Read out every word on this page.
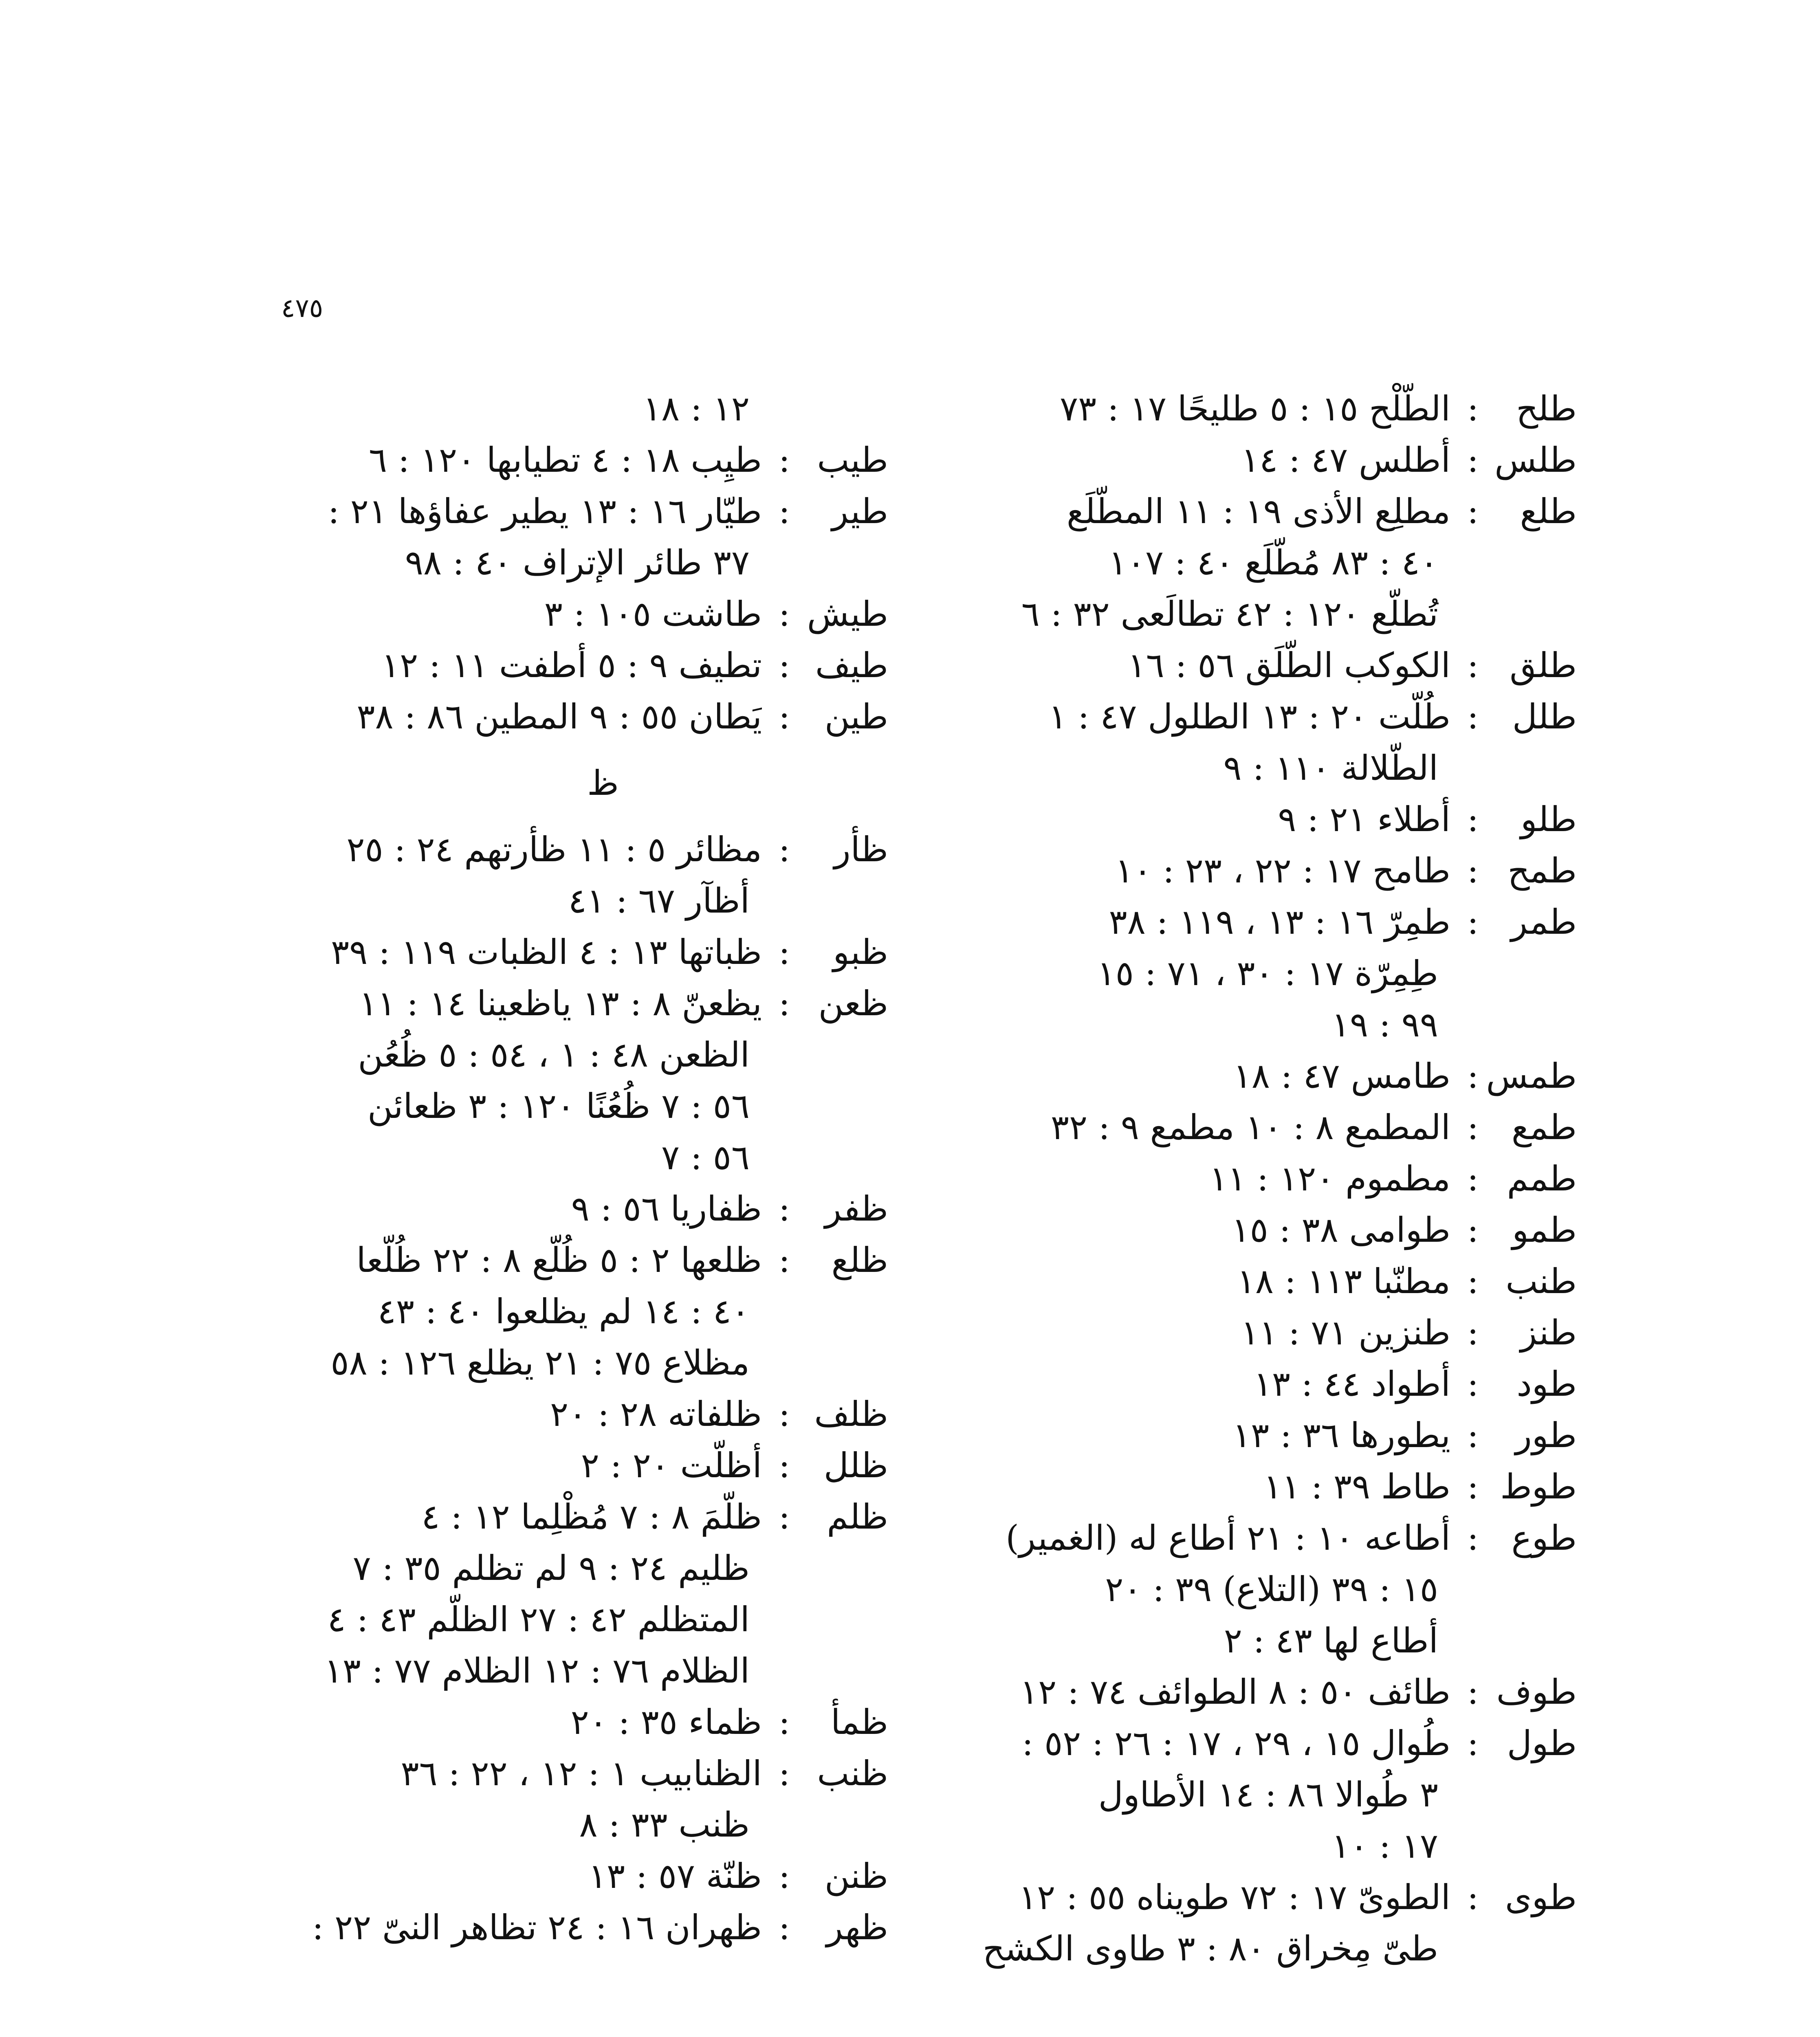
٤٧٥
طلح
:
الطَّلْح ١٥ : ٥ طليحًا ١٧ : ٧٣
طلس
:
أطلس ٤٧ : ١٤
طلع
:
مطلِع الأذى ١٩ : ١١ المطّلَع
٤٠ : ٨٣ مُطّلَع ٤٠ : ١٠٧
تُطلّع ١٢٠ : ٤٢ تطالَعى ٣٢ : ٦
طلق
:
الكوكب الطّلَق ٥٦ : ١٦
طلل
:
طُلّت ٢٠ : ١٣ الطلول ٤٧ : ١
الطُّلالة ١١٠ : ٩
طلو
:
أطلاء ٢١ : ٩
طمح
:
طامح ١٧ : ٢٢ ، ٢٣ : ١٠
طمر
:
طمِرّ ١٦ : ١٣ ، ١١٩ : ٣٨
طِمِرّة ١٧ : ٣٠ ، ٧١ : ١٥
٩٩ : ١٩
طمس
:
طامس ٤٧ : ١٨
طمع
:
المطمع ٨ : ١٠ مطمع ٩ : ٣٢
طمم
:
مطموم ١٢٠ : ١١
طمو
:
طوامى ٣٨ : ١٥
طنب
:
مطنّبا ١١٣ : ١٨
طنز
:
طنزين ٧١ : ١١
طود
:
أطواد ٤٤ : ١٣
طور
:
يطورها ٣٦ : ١٣
طوط
:
طاط ٣٩ : ١١
طوع
:
أطاعه ١٠ : ٢١ أطاع له (الغمير)
١٥ : ٣٩ (التلاع) ٣٩ : ٢٠
أطاع لها ٤٣ : ٢
طوف
:
طائف ٥٠ : ٨ الطوائف ٧٤ : ١٢
طول
:
طُوال ١٥ ، ٢٩ ، ١٧ : ٢٦ : ٥٢ :
٣ طُوالا ٨٦ : ١٤ الأطاول
١٧ : ١٠
طوى
:
الطوىّ ١٧ : ٧٢ طويناه ٥٥ : ١٢
طىّ مِخراق ٨٠ : ٣ طاوى الكشح
١٢ : ١٨
طيب
:
طيِب ١٨ : ٤ تطيابها ١٢٠ : ٦
طير
:
طيّار ١٦ : ١٣ يطير عفاؤها ٢١ :
٣٧ طائر الإتراف ٤٠ : ٩٨
طيش
:
طاشت ١٠٥ : ٣
طيف
:
تطيف ٩ : ٥ أطفت ١١ : ١٢
طين
:
يَطان ٥٥ : ٩ المطين ٨٦ : ٣٨
ظ
ظأر
:
مظائر ٥ : ١١ ظأرتهم ٢٤ : ٢٥
أظآر ٦٧ : ٤١
ظبو
:
ظباتها ١٣ : ٤ الظبات ١١٩ : ٣٩
ظعن
:
يظعنّ ٨ : ١٣ ياظعينا ١٤ : ١١
الظعن ٤٨ : ١ ، ٥٤ : ٥ ظُعُن
٥٦ : ٧ ظُعُنًا ١٢٠ : ٣ ظعائن
٥٦ : ٧
ظفر
:
ظفاريا ٥٦ : ٩
ظلع
:
ظلعها ٢ : ٥ ظُلّع ٨ : ٢٢ ظُلّعا
٤٠ : ١٤ لم يظلعوا ٤٠ : ٤٣
مظلاع ٧٥ : ٢١ يظلع ١٢٦ : ٥٨
ظلف
:
ظلفاته ٢٨ : ٢٠
ظلل
:
أظلّت ٢٠ : ٢
ظلم
:
ظلّمَ ٨ : ٧ مُظْلِما ١٢ : ٤
ظليم ٢٤ : ٩ لم تظلم ٣٥ : ٧
المتظلم ٤٢ : ٢٧ الظلّم ٤٣ : ٤
الظلام ٧٦ : ١٢ الظلام ٧٧ : ١٣
ظمأ
:
ظماء ٣٥ : ٢٠
ظنب
:
الظنابيب ١ : ١٢ ، ٢٢ : ٣٦
ظنب ٣٣ : ٨
ظنن
:
ظنّة ٥٧ : ١٣
ظهر
:
ظهران ١٦ : ٢٤ تظاهر النىّ ٢٢ :
